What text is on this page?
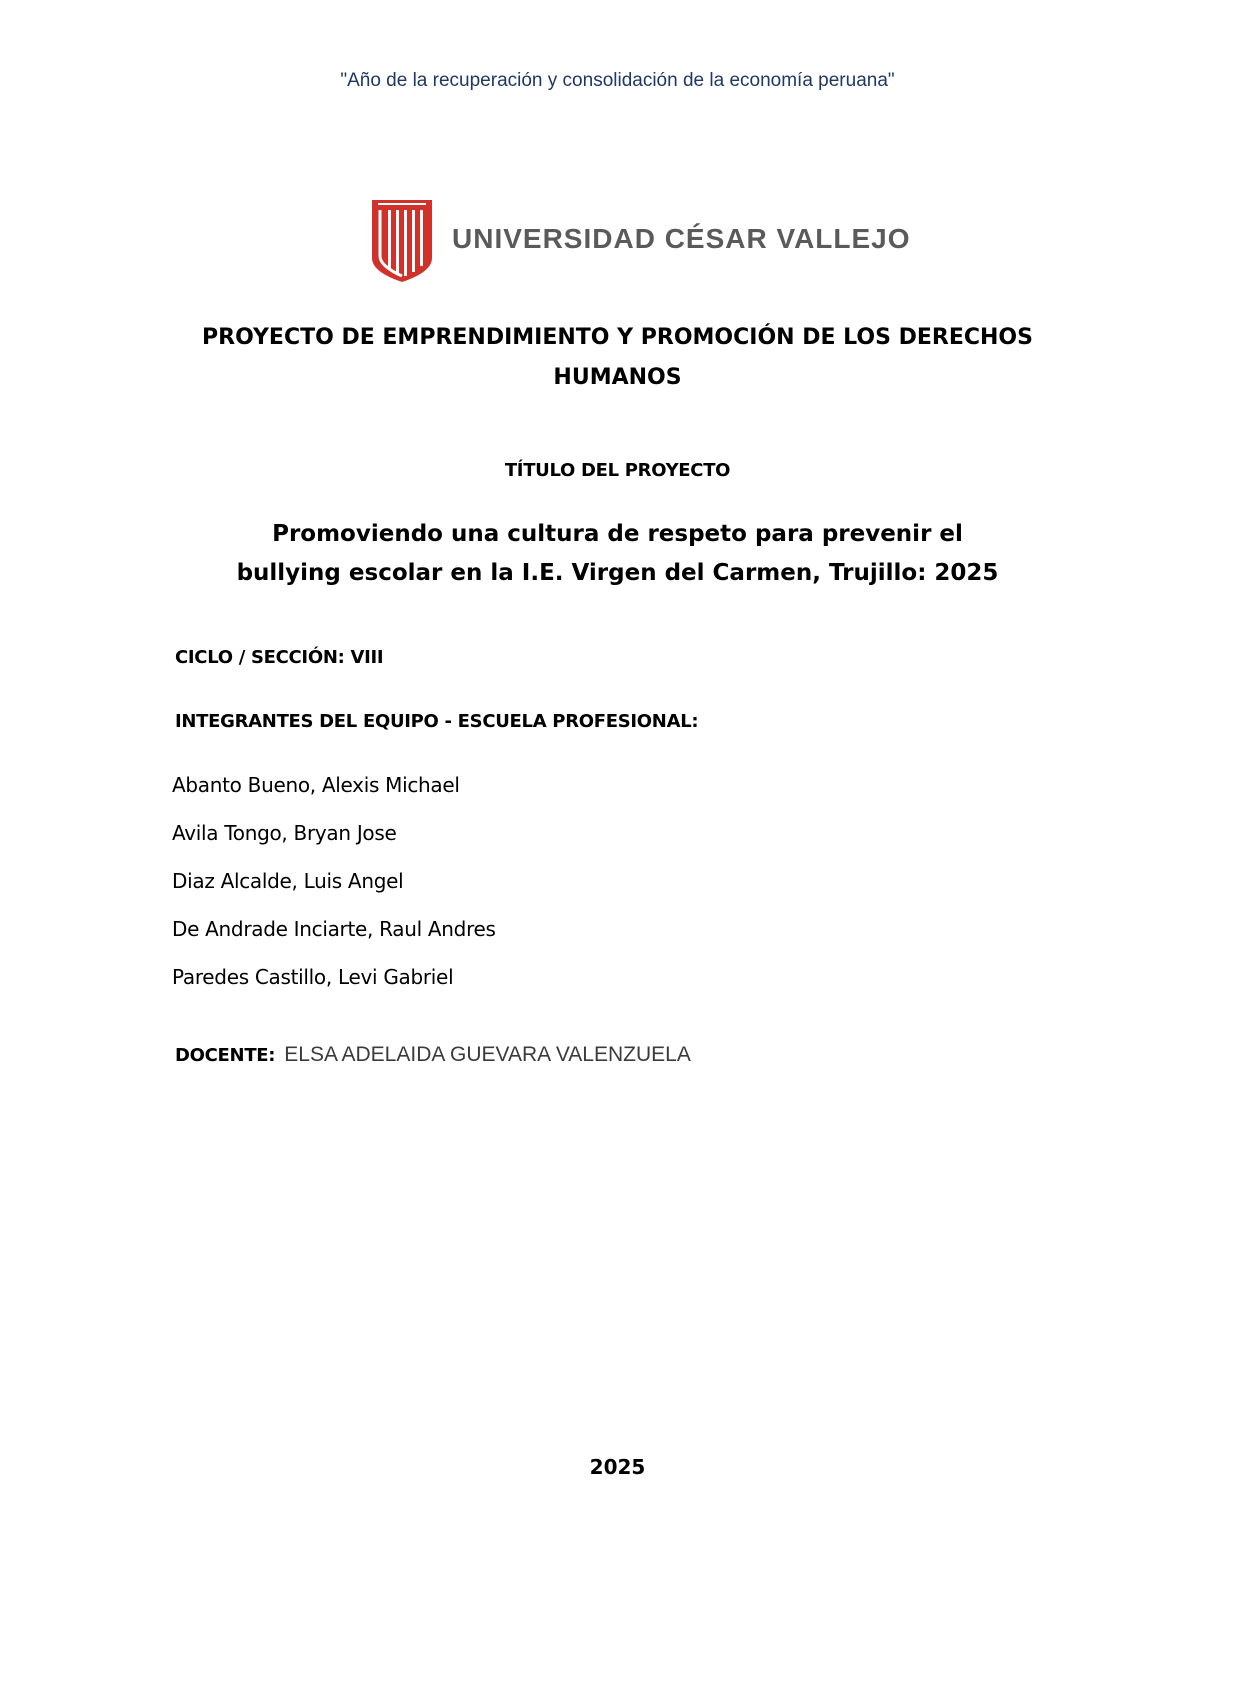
"Año de la recuperación y consolidación de la economía peruana"
UNIVERSIDAD CÉSAR VALLEJO
PROYECTO DE EMPRENDIMIENTO Y PROMOCIÓN DE LOS DERECHOS HUMANOS
TÍTULO DEL PROYECTO
Promoviendo una cultura de respeto para prevenir el bullying escolar en la I.E. Virgen del Carmen, Trujillo: 2025
CICLO / SECCIÓN: VIII
INTEGRANTES DEL EQUIPO - ESCUELA PROFESIONAL:
Abanto Bueno, Alexis Michael
Avila Tongo, Bryan Jose
Diaz Alcalde, Luis Angel
De Andrade Inciarte, Raul Andres
Paredes Castillo, Levi Gabriel
DOCENTE: ELSA ADELAIDA GUEVARA VALENZUELA
2025
